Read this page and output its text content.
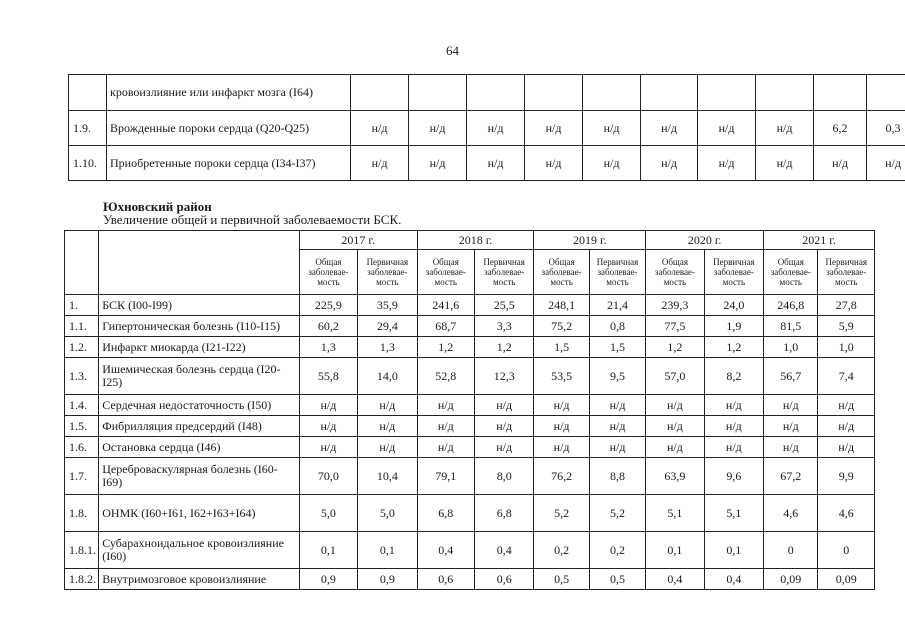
64
	кровоизлияние или инфаркт мозга (I64)										
1.9.	Врожденные пороки сердца (Q20-Q25)	н/д	н/д	н/д	н/д	н/д	н/д	н/д	н/д	6,2	0,3
1.10.	Приобретенные пороки сердца (I34-I37)	н/д	н/д	н/д	н/д	н/д	н/д	н/д	н/д	н/д	н/д
Юхновский район
Увеличение общей и первичной заболеваемости БСК.
		2017 г.		2018 г.		2019 г.		2020 г.		2021 г.	
		Общая заболевае-мость	Первичная заболевае-мость	Общая заболевае-мость	Первичная заболевае-мость	Общая заболевае-мость	Первичная заболевае-мость	Общая заболевае-мость	Первичная заболевае-мость	Общая заболевае-мость	Первичная заболевае-мость
1.	БСК (I00-I99)	225,9	35,9	241,6	25,5	248,1	21,4	239,3	24,0	246,8	27,8
1.1.	Гипертоническая болезнь (I10-I15)	60,2	29,4	68,7	3,3	75,2	0,8	77,5	1,9	81,5	5,9
1.2.	Инфаркт миокарда (I21-I22)	1,3	1,3	1,2	1,2	1,5	1,5	1,2	1,2	1,0	1,0
1.3.	Ишемическая болезнь сердца (I20-I25)	55,8	14,0	52,8	12,3	53,5	9,5	57,0	8,2	56,7	7,4
1.4.	Сердечная недостаточность (I50)	н/д	н/д	н/д	н/д	н/д	н/д	н/д	н/д	н/д	н/д
1.5.	Фибрилляция предсердий (I48)	н/д	н/д	н/д	н/д	н/д	н/д	н/д	н/д	н/д	н/д
1.6.	Остановка сердца (I46)	н/д	н/д	н/д	н/д	н/д	н/д	н/д	н/д	н/д	н/д
1.7.	Цереброваскулярная болезнь (I60-I69)	70,0	10,4	79,1	8,0	76,2	8,8	63,9	9,6	67,2	9,9
1.8.	ОНМК (I60+I61, I62+I63+I64)	5,0	5,0	6,8	6,8	5,2	5,2	5,1	5,1	4,6	4,6
1.8.1.	Субарахноидальное кровоизлияние (I60)	0,1	0,1	0,4	0,4	0,2	0,2	0,1	0,1	0	0
1.8.2.	Внутримозговое кровоизлияние	0,9	0,9	0,6	0,6	0,5	0,5	0,4	0,4	0,09	0,09
